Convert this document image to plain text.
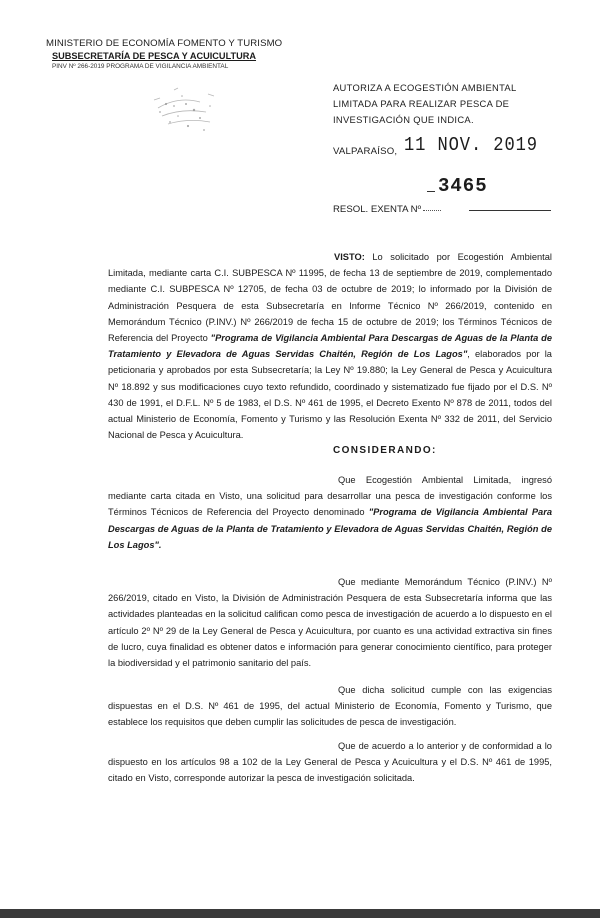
MINISTERIO DE ECONOMÍA FOMENTO Y TURISMO
SUBSECRETARÍA DE PESCA Y ACUICULTURA
PINV Nº 266-2019 PROGRAMA DE VIGILANCIA AMBIENTAL
AUTORIZA A ECOGESTIÓN AMBIENTAL LIMITADA PARA REALIZAR PESCA DE INVESTIGACIÓN QUE INDICA.
VALPARAÍSO, 11 NOV. 2019
3465
RESOL. EXENTA Nº
VISTO: Lo solicitado por Ecogestión Ambiental Limitada, mediante carta C.I. SUBPESCA Nº 11995, de fecha 13 de septiembre de 2019, complementado mediante C.I. SUBPESCA Nº 12705, de fecha 03 de octubre de 2019; lo informado por la División de Administración Pesquera de esta Subsecretaría en Informe Técnico Nº 266/2019, contenido en Memorándum Técnico (P.INV.) Nº 266/2019 de fecha 15 de octubre de 2019; los Términos Técnicos de Referencia del Proyecto "Programa de Vigilancia Ambiental Para Descargas de Aguas de la Planta de Tratamiento y Elevadora de Aguas Servidas Chaitén, Región de Los Lagos", elaborados por la peticionaria y aprobados por esta Subsecretaría; la Ley Nº 19.880; la Ley General de Pesca y Acuicultura Nº 18.892 y sus modificaciones cuyo texto refundido, coordinado y sistematizado fue fijado por el D.S. Nº 430 de 1991, el D.F.L. Nº 5 de 1983, el D.S. Nº 461 de 1995, el Decreto Exento Nº 878 de 2011, todos del actual Ministerio de Economía, Fomento y Turismo y las Resolución Exenta Nº 332 de 2011, del Servicio Nacional de Pesca y Acuicultura.
CONSIDERANDO:
Que Ecogestión Ambiental Limitada, ingresó mediante carta citada en Visto, una solicitud para desarrollar una pesca de investigación conforme los Términos Técnicos de Referencia del Proyecto denominado "Programa de Vigilancia Ambiental Para Descargas de Aguas de la Planta de Tratamiento y Elevadora de Aguas Servidas Chaitén, Región de Los Lagos".
Que mediante Memorándum Técnico (P.INV.) Nº 266/2019, citado en Visto, la División de Administración Pesquera de esta Subsecretaría informa que las actividades planteadas en la solicitud califican como pesca de investigación de acuerdo a lo dispuesto en el artículo 2º Nº 29 de la Ley General de Pesca y Acuicultura, por cuanto es una actividad extractiva sin fines de lucro, cuya finalidad es obtener datos e información para generar conocimiento científico, para proteger la biodiversidad y el patrimonio sanitario del país.
Que dicha solicitud cumple con las exigencias dispuestas en el D.S. Nº 461 de 1995, del actual Ministerio de Economía, Fomento y Turismo, que establece los requisitos que deben cumplir las solicitudes de pesca de investigación.
Que de acuerdo a lo anterior y de conformidad a lo dispuesto en los artículos 98 a 102 de la Ley General de Pesca y Acuicultura y el D.S. Nº 461 de 1995, citado en Visto, corresponde autorizar la pesca de investigación solicitada.
